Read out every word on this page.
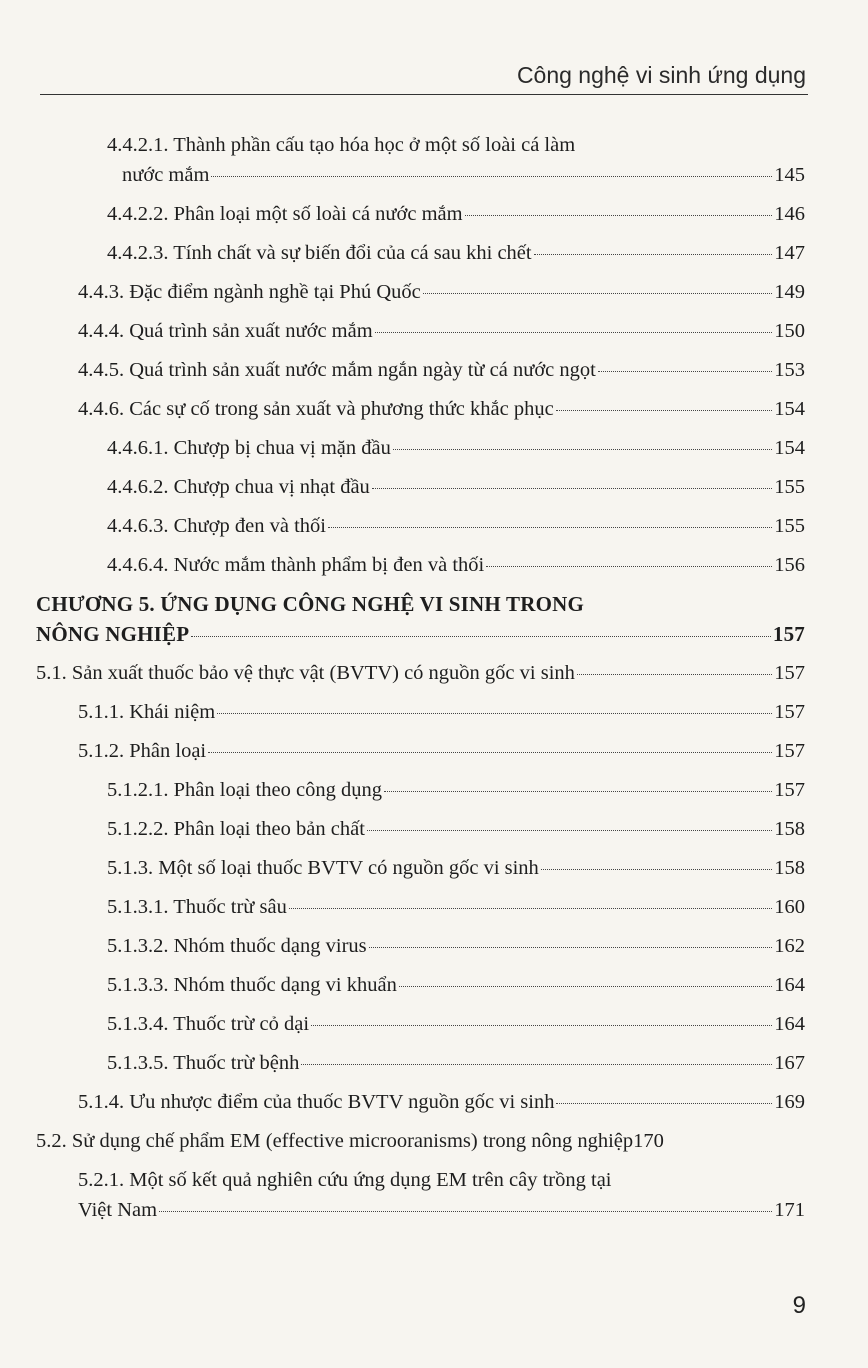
Công nghệ vi sinh ứng dụng
4.4.2.1. Thành phần cấu tạo hóa học ở một số loài cá làm
nước mắm	145
4.4.2.2. Phân loại một số loài cá nước mắm	146
4.4.2.3. Tính chất và sự biến đổi của cá sau khi chết	147
4.4.3. Đặc điểm ngành nghề tại Phú Quốc	149
4.4.4. Quá trình sản xuất nước mắm	150
4.4.5. Quá trình sản xuất nước mắm ngắn ngày từ cá nước ngọt	153
4.4.6. Các sự cố trong sản xuất và phương thức khắc phục	154
4.4.6.1. Chượp bị chua vị mặn đầu	154
4.4.6.2. Chượp chua vị nhạt đầu	155
4.4.6.3. Chượp đen và thối	155
4.4.6.4. Nước mắm thành phẩm bị đen và thối	156
CHƯƠNG 5. ỨNG DỤNG CÔNG NGHỆ VI SINH TRONG
NÔNG NGHIỆP	157
5.1. Sản xuất thuốc bảo vệ thực vật (BVTV) có nguồn gốc vi sinh	157
5.1.1. Khái niệm	157
5.1.2. Phân loại	157
5.1.2.1. Phân loại theo công dụng	157
5.1.2.2. Phân loại theo bản chất	158
5.1.3. Một số loại thuốc BVTV có nguồn gốc vi sinh	158
5.1.3.1. Thuốc trừ sâu	160
5.1.3.2. Nhóm thuốc dạng virus	162
5.1.3.3. Nhóm thuốc dạng vi khuẩn	164
5.1.3.4. Thuốc trừ cỏ dại	164
5.1.3.5. Thuốc trừ bệnh	167
5.1.4. Ưu nhược điểm của thuốc BVTV nguồn gốc vi sinh	169
5.2. Sử dụng chế phẩm EM (effective microoranisms) trong nông nghiệp 170
5.2.1. Một số kết quả nghiên cứu ứng dụng EM trên cây trồng tại
Việt Nam	171
9
